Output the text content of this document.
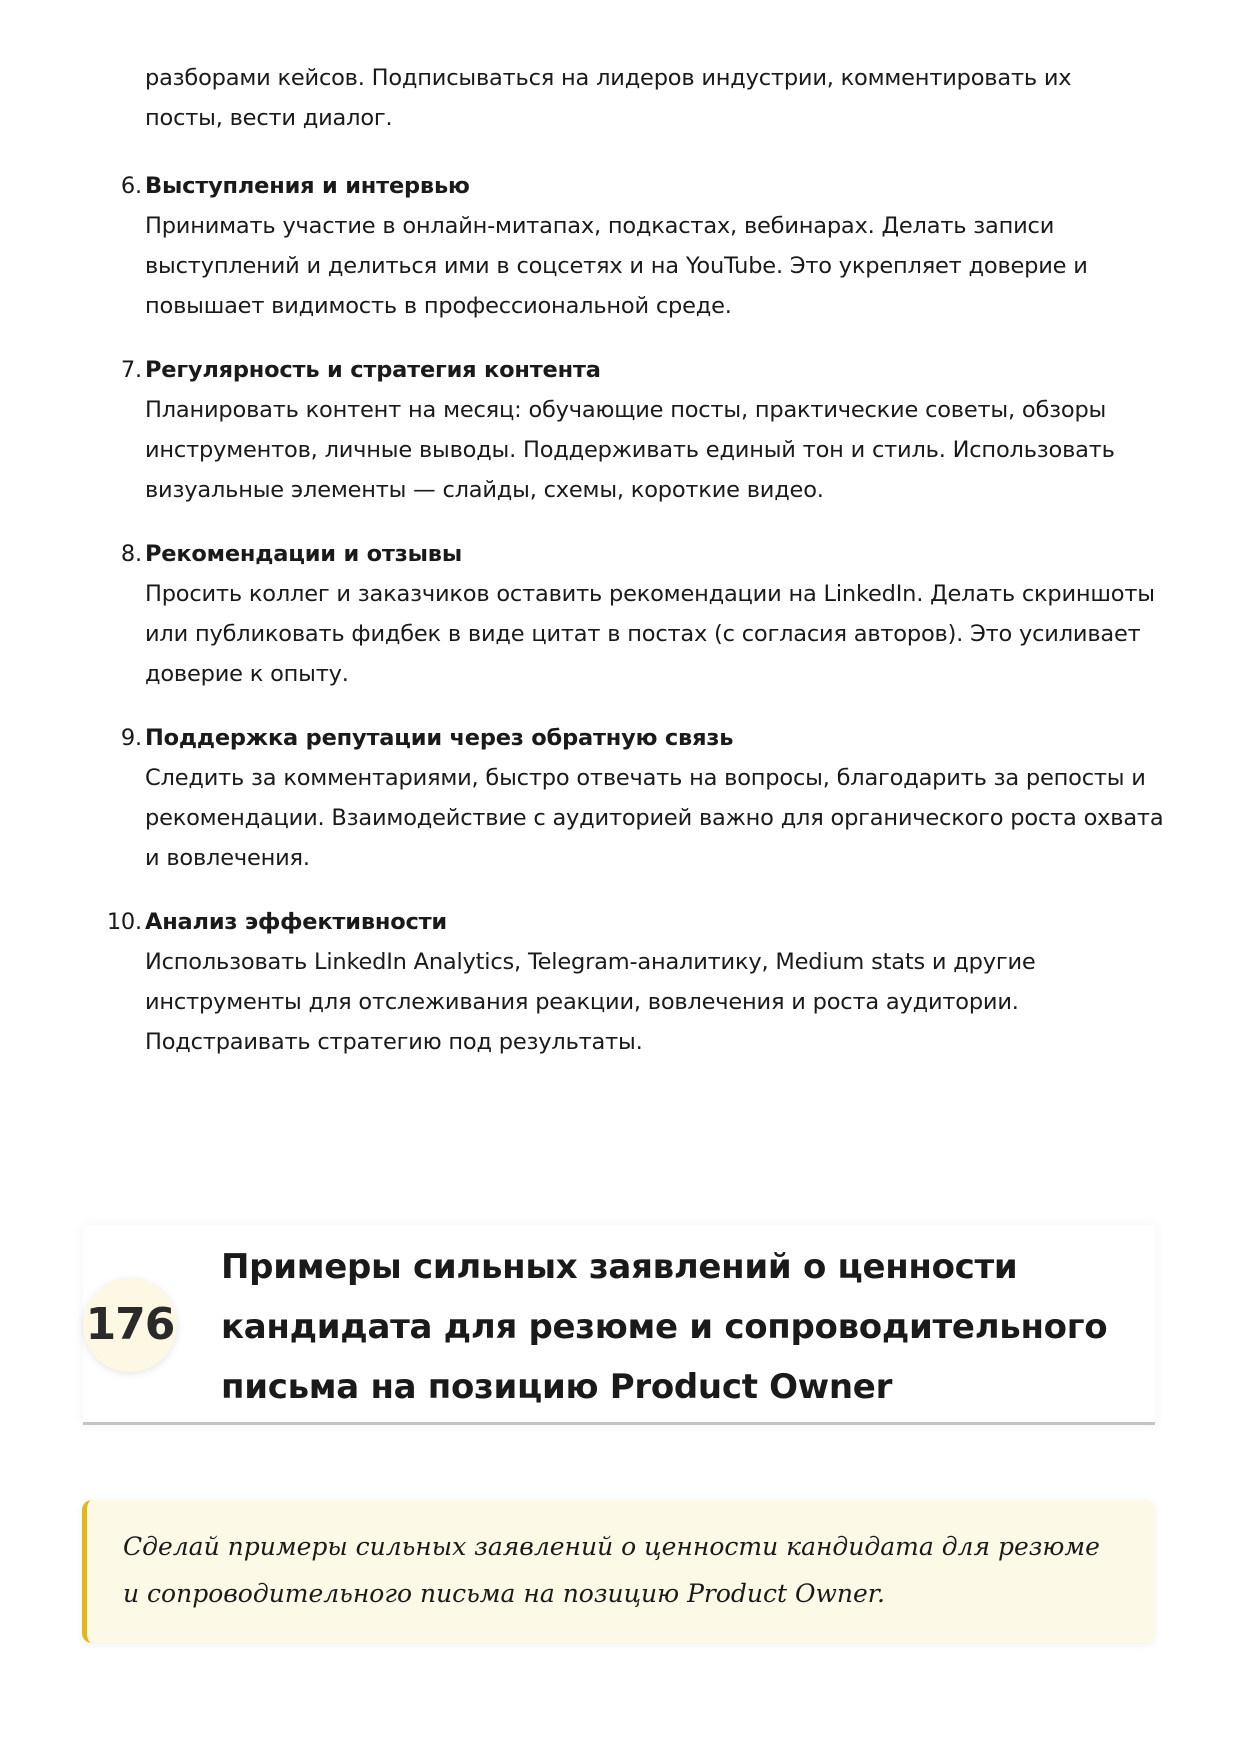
разборами кейсов. Подписываться на лидеров индустрии, комментировать их посты, вести диалог.
6. Выступления и интервью
Принимать участие в онлайн-митапах, подкастах, вебинарах. Делать записи выступлений и делиться ими в соцсетях и на YouTube. Это укрепляет доверие и повышает видимость в профессиональной среде.
7. Регулярность и стратегия контента
Планировать контент на месяц: обучающие посты, практические советы, обзоры инструментов, личные выводы. Поддерживать единый тон и стиль. Использовать визуальные элементы — слайды, схемы, короткие видео.
8. Рекомендации и отзывы
Просить коллег и заказчиков оставить рекомендации на LinkedIn. Делать скриншоты или публиковать фидбек в виде цитат в постах (с согласия авторов). Это усиливает доверие к опыту.
9. Поддержка репутации через обратную связь
Следить за комментариями, быстро отвечать на вопросы, благодарить за репосты и рекомендации. Взаимодействие с аудиторией важно для органического роста охвата и вовлечения.
10. Анализ эффективности
Использовать LinkedIn Analytics, Telegram-аналитику, Medium stats и другие инструменты для отслеживания реакции, вовлечения и роста аудитории. Подстраивать стратегию под результаты.
176
Примеры сильных заявлений о ценности кандидата для резюме и сопроводительного письма на позицию Product Owner
Сделай примеры сильных заявлений о ценности кандидата для резюме и сопроводительного письма на позицию Product Owner.
